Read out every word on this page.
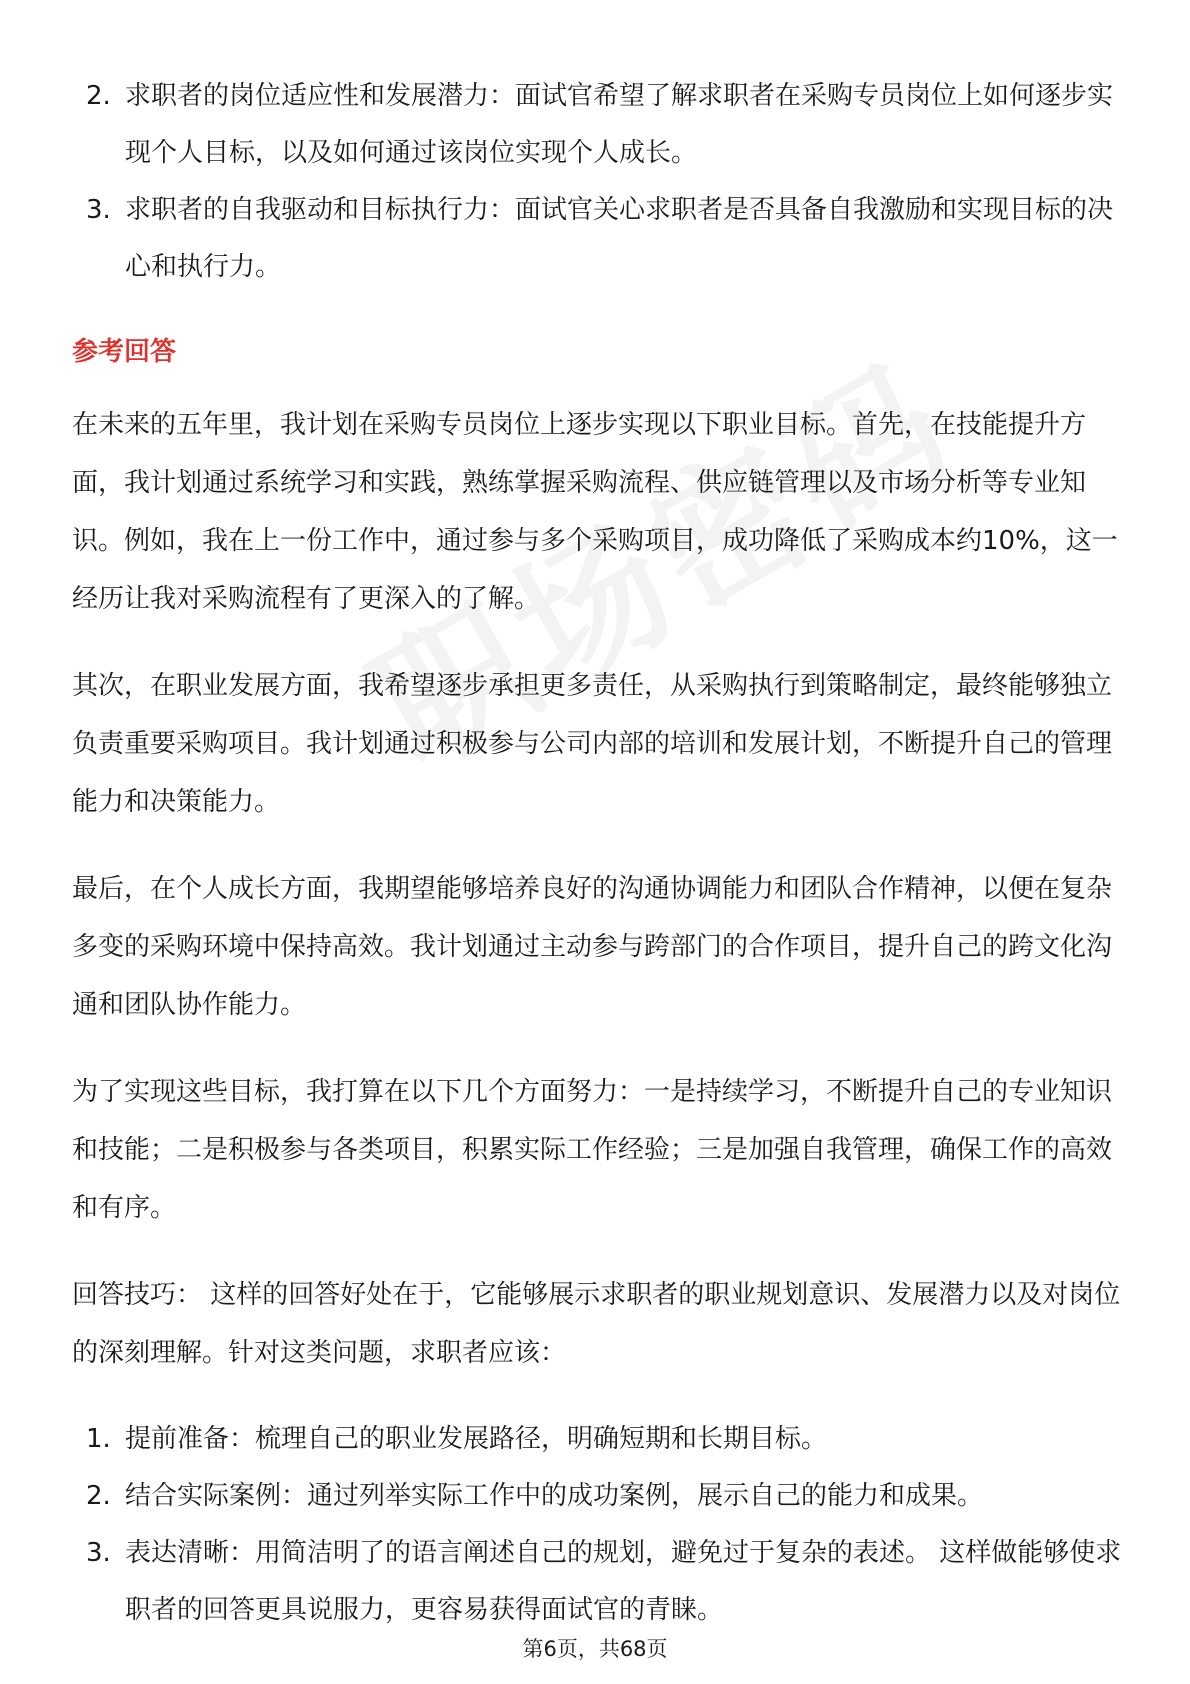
2. 求职者的岗位适应性和发展潜力：面试官希望了解求职者在采购专员岗位上如何逐步实现个人目标，以及如何通过该岗位实现个人成长。
3. 求职者的自我驱动和目标执行力：面试官关心求职者是否具备自我激励和实现目标的决心和执行力。
参考回答

在未来的五年里，我计划在采购专员岗位上逐步实现以下职业目标。首先，在技能提升方面，我计划通过系统学习和实践，熟练掌握采购流程、供应链管理以及市场分析等专业知识。例如，我在上一份工作中，通过参与多个采购项目，成功降低了采购成本约10%，这一经历让我对采购流程有了更深入的了解。

其次，在职业发展方面，我希望逐步承担更多责任，从采购执行到策略制定，最终能够独立负责重要采购项目。我计划通过积极参与公司内部的培训和发展计划，不断提升自己的管理能力和决策能力。

最后，在个人成长方面，我期望能够培养良好的沟通协调能力和团队合作精神，以便在复杂多变的采购环境中保持高效。我计划通过主动参与跨部门的合作项目，提升自己的跨文化沟通和团队协作能力。

为了实现这些目标，我打算在以下几个方面努力：一是持续学习，不断提升自己的专业知识和技能；二是积极参与各类项目，积累实际工作经验；三是加强自我管理，确保工作的高效和有序。

回答技巧： 这样的回答好处在于，它能够展示求职者的职业规划意识、发展潜力以及对岗位的深刻理解。针对这类问题，求职者应该：

1. 提前准备：梳理自己的职业发展路径，明确短期和长期目标。
2. 结合实际案例：通过列举实际工作中的成功案例，展示自己的能力和成果。
3. 表达清晰：用简洁明了的语言阐述自己的规划，避免过于复杂的表述。 这样做能够使求职者的回答更具说服力，更容易获得面试官的青睐。
第6页，共68页
